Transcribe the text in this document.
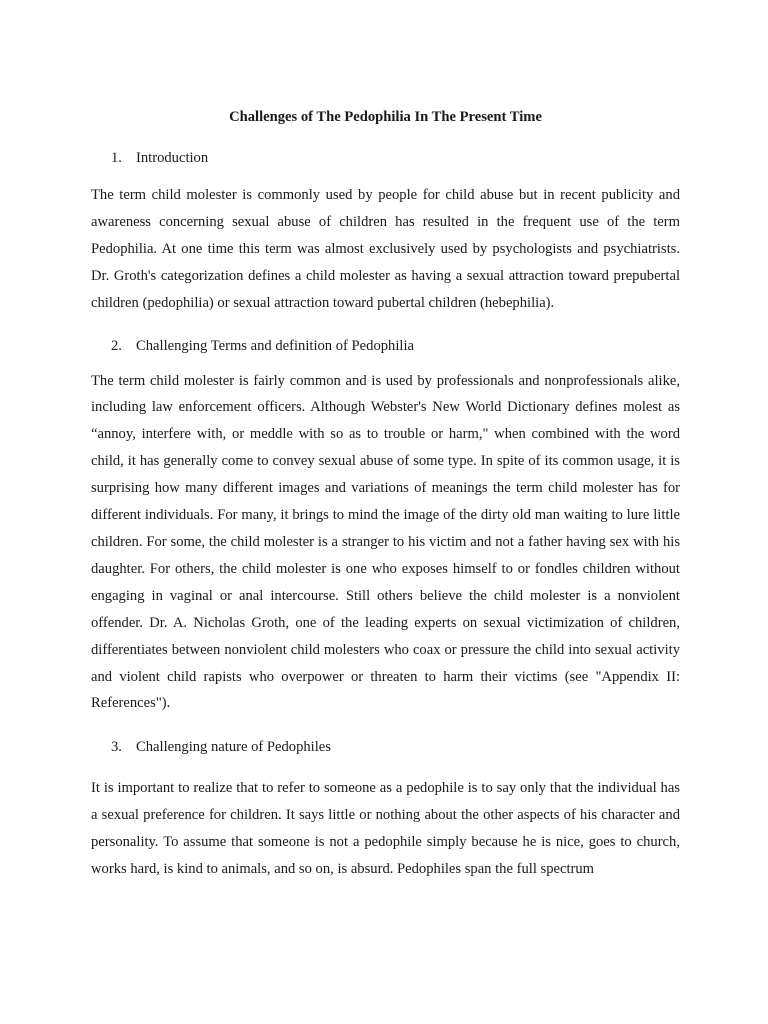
Challenges of The Pedophilia In The Present Time
1. Introduction

The term child molester is commonly used by people for child abuse but in recent publicity and awareness concerning sexual abuse of children has resulted in the frequent use of the term Pedophilia. At one time this term was almost exclusively used by psychologists and psychiatrists. Dr. Groth's categorization defines a child molester as having a sexual attraction toward prepubertal children (pedophilia) or sexual attraction toward pubertal children (hebephilia).

2. Challenging Terms and definition of Pedophilia

The term child molester is fairly common and is used by professionals and nonprofessionals alike, including law enforcement officers. Although Webster's New World Dictionary defines molest as “annoy, interfere with, or meddle with so as to trouble or harm," when combined with the word child, it has generally come to convey sexual abuse of some type. In spite of its common usage, it is surprising how many different images and variations of meanings the term child molester has for different individuals. For many, it brings to mind the image of the dirty old man waiting to lure little children. For some, the child molester is a stranger to his victim and not a father having sex with his daughter. For others, the child molester is one who exposes himself to or fondles children without engaging in vaginal or anal intercourse. Still others believe the child molester is a nonviolent offender. Dr. A. Nicholas Groth, one of the leading experts on sexual victimization of children, differentiates between nonviolent child molesters who coax or pressure the child into sexual activity and violent child rapists who overpower or threaten to harm their victims (see "Appendix II: References").

3. Challenging nature of Pedophiles

It is important to realize that to refer to someone as a pedophile is to say only that the individual has a sexual preference for children. It says little or nothing about the other aspects of his character and personality. To assume that someone is not a pedophile simply because he is nice, goes to church, works hard, is kind to animals, and so on, is absurd. Pedophiles span the full spectrum
